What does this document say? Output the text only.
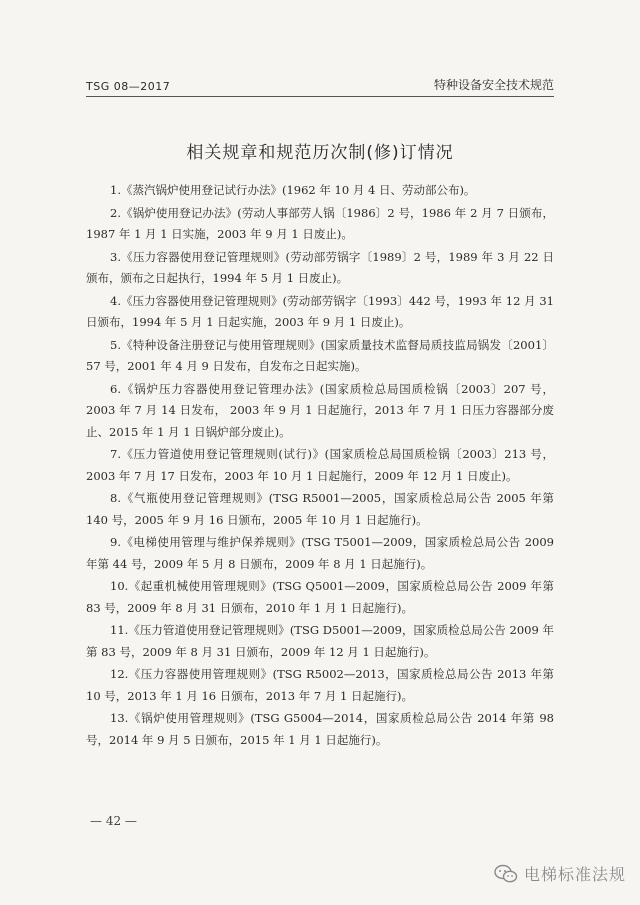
TSG 08—2017	特种设备安全技术规范
相关规章和规范历次制(修)订情况

1.《蒸汽锅炉使用登记试行办法》(1962 年 10 月 4 日、劳动部公布)。

2.《锅炉使用登记办法》(劳动人事部劳人锅〔1986〕2 号，1986 年 2 月 7 日颁布，1987 年 1 月 1 日实施，2003 年 9 月 1 日废止)。

3.《压力容器使用登记管理规则》(劳动部劳锅字〔1989〕2 号，1989 年 3 月 22 日颁布，颁布之日起执行，1994 年 5 月 1 日废止)。

4.《压力容器使用登记管理规则》(劳动部劳锅字〔1993〕442 号，1993 年 12 月 31 日颁布，1994 年 5 月 1 日起实施，2003 年 9 月 1 日废止)。

5.《特种设备注册登记与使用管理规则》(国家质量技术监督局质技监局锅发〔2001〕57 号，2001 年 4 月 9 日发布，自发布之日起实施)。

6.《锅炉压力容器使用登记管理办法》(国家质检总局国质检锅〔2003〕207 号，2003 年 7 月 14 日发布， 2003 年 9 月 1 日起施行，2013 年 7 月 1 日压力容器部分废止、2015 年 1 月 1 日锅炉部分废止)。

7.《压力管道使用登记管理规则(试行)》(国家质检总局国质检锅〔2003〕213 号，2003 年 7 月 17 日发布，2003 年 10 月 1 日起施行，2009 年 12 月 1 日废止)。

8.《气瓶使用登记管理规则》(TSG R5001—2005，国家质检总局公告 2005 年第 140 号，2005 年 9 月 16 日颁布，2005 年 10 月 1 日起施行)。

9.《电梯使用管理与维护保养规则》(TSG T5001—2009，国家质检总局公告 2009 年第 44 号，2009 年 5 月 8 日颁布，2009 年 8 月 1 日起施行)。

10.《起重机械使用管理规则》(TSG Q5001—2009，国家质检总局公告 2009 年第 83 号，2009 年 8 月 31 日颁布，2010 年 1 月 1 日起施行)。

11.《压力管道使用登记管理规则》(TSG D5001—2009，国家质检总局公告 2009 年第 83 号，2009 年 8 月 31 日颁布，2009 年 12 月 1 日起施行)。

12.《压力容器使用管理规则》(TSG R5002—2013，国家质检总局公告 2013 年第 10 号，2013 年 1 月 16 日颁布，2013 年 7 月 1 日起施行)。

13.《锅炉使用管理规则》(TSG G5004—2014，国家质检总局公告 2014 年第 98 号，2014 年 9 月 5 日颁布，2015 年 1 月 1 日起施行)。

— 42 —
电梯标准法规
